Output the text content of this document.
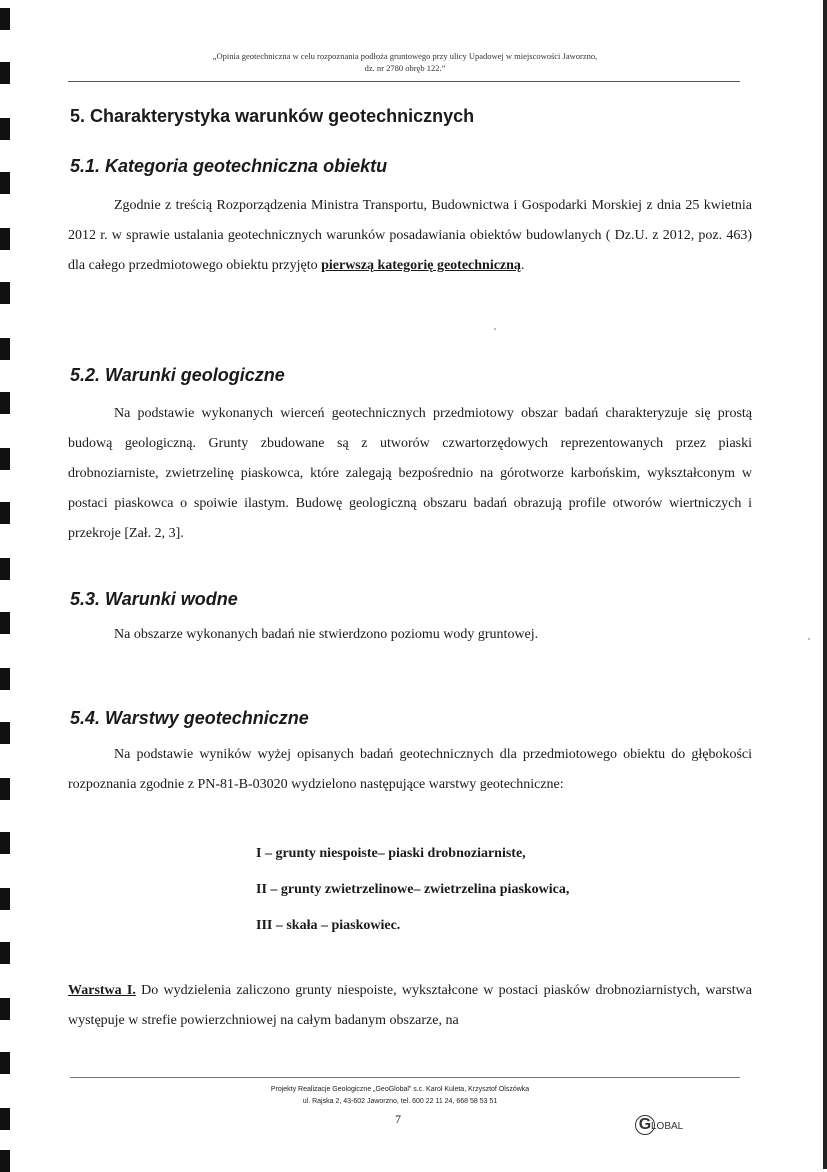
„Opinia geotechniczna w celu rozpoznania podłoża gruntowego przy ulicy Upadowej w miejscowości Jaworzno,
dz. nr 2780 obręb 122.”
5. Charakterystyka warunków geotechnicznych
5.1. Kategoria geotechniczna obiektu

Zgodnie z treścią Rozporządzenia Ministra Transportu, Budownictwa i Gospodarki Morskiej z dnia 25 kwietnia 2012 r. w sprawie ustalania geotechnicznych warunków posadawiania obiektów budowlanych ( Dz.U. z 2012, poz. 463) dla całego przedmiotowego obiektu przyjęto pierwszą kategorię geotechniczną.

5.2. Warunki geologiczne

Na podstawie wykonanych wierceń geotechnicznych przedmiotowy obszar badań charakteryzuje się prostą budową geologiczną. Grunty zbudowane są z utworów czwartorzędowych reprezentowanych przez piaski drobnoziarniste, zwietrzelinę piaskowca, które zalegają bezpośrednio na górotworze karbońskim, wykształconym w postaci piaskowca o spoiwie ilastym. Budowę geologiczną obszaru badań obrazują profile otworów wiertniczych i przekroje [Zał. 2, 3].

5.3. Warunki wodne

Na obszarze wykonanych badań nie stwierdzono poziomu wody gruntowej.

5.4. Warstwy geotechniczne

Na podstawie wyników wyżej opisanych badań geotechnicznych dla przedmiotowego obiektu do głębokości rozpoznania zgodnie z PN-81-B-03020 wydzielono następujące warstwy geotechniczne:

I – grunty niespoiste– piaski drobnoziarniste,
II – grunty zwietrzelinowe– zwietrzelina piaskowica,
III – skała – piaskowiec.

Warstwa I. Do wydzielenia zaliczono grunty niespoiste, wykształcone w postaci piasków drobnoziarnistych, warstwa występuje w strefie powierzchniowej na całym badanym obszarze, na

Projekty Realizacje Geologiczne „GeoGlobal” s.c. Karol Kuleta, Krzysztof Olszówka
ul. Rajska 2, 43-602 Jaworzno, tel. 600 22 11 24, 668 58 53 51
7	GLOBAL
